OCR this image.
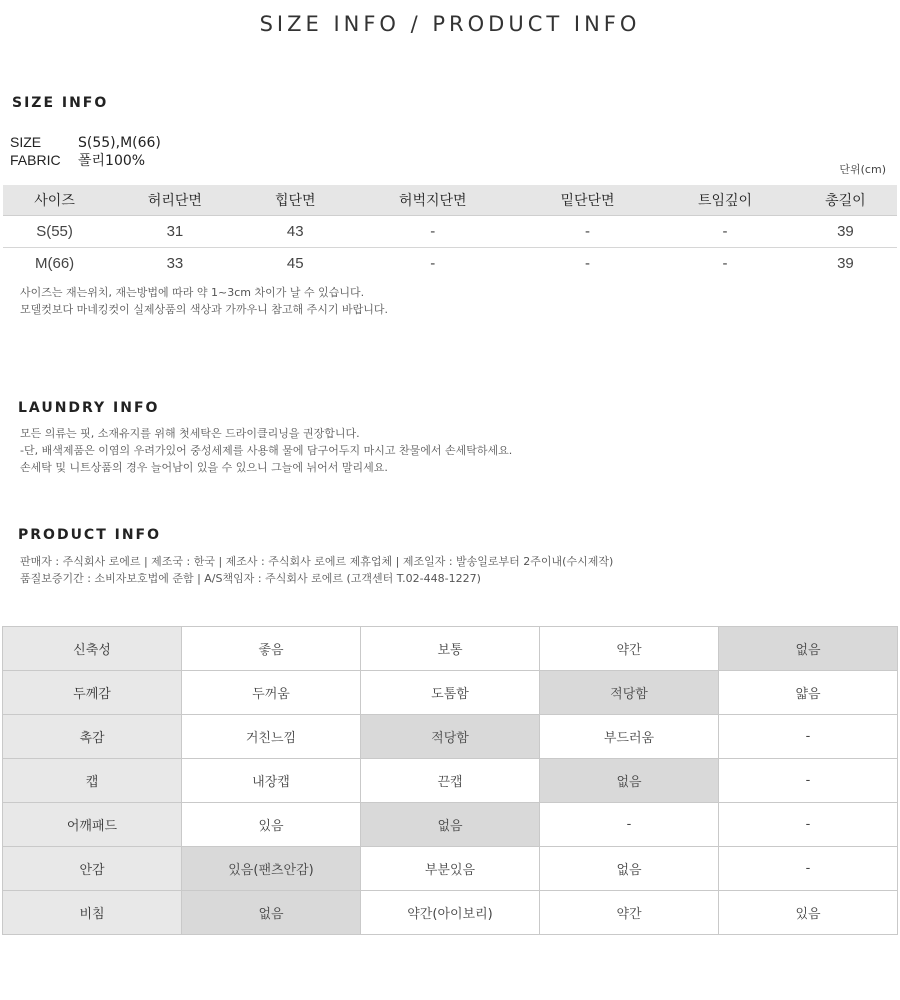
SIZE INFO / PRODUCT INFO
SIZE INFO
SIZE	S(55),M(66)
FABRIC 폴리100%
단위(cm)
사이즈	허리단면	힙단면	허벅지단면	밑단단면	트임깊이	총길이
S(55)	31	43	-	-	-	39
M(66)	33	45	-	-	-	39
사이즈는 재는위치, 재는방법에 따라 약 1~3cm 차이가 날 수 있습니다.
모델컷보다 마네킹컷이 실제상품의 색상과 가까우니 참고해 주시기 바랍니다.
LAUNDRY INFO
모든 의류는 핏, 소재유지를 위해 첫세탁은 드라이클리닝을 권장합니다.
-단, 배색제품은 이염의 우려가있어 중성세제를 사용해 물에 담구어두지 마시고 찬물에서 손세탁하세요.
손세탁 및 니트상품의 경우 늘어남이 있을 수 있으니 그늘에 뉘어서 말리세요.
PRODUCT INFO
판매자 : 주식회사 로에르 | 제조국 : 한국 | 제조사 : 주식회사 로에르 제휴업체 | 제조일자 : 발송일로부터 2주이내(수시제작)
품질보증기간 : 소비자보호법에 준함 | A/S책임자 : 주식회사 로에르 (고객센터 T.02-448-1227)
신축성	좋음	보통	약간	없음
두께감	두꺼움	도톰함	적당함	얇음
촉감	거친느낌	적당함	부드러움	-
캡	내장캡	끈캡	없음	-
어깨패드	있음	없음	-	-
안감	있음(팬츠안감)	부분있음	없음	-
비침	없음	약간(아이보리)	약간	있음
